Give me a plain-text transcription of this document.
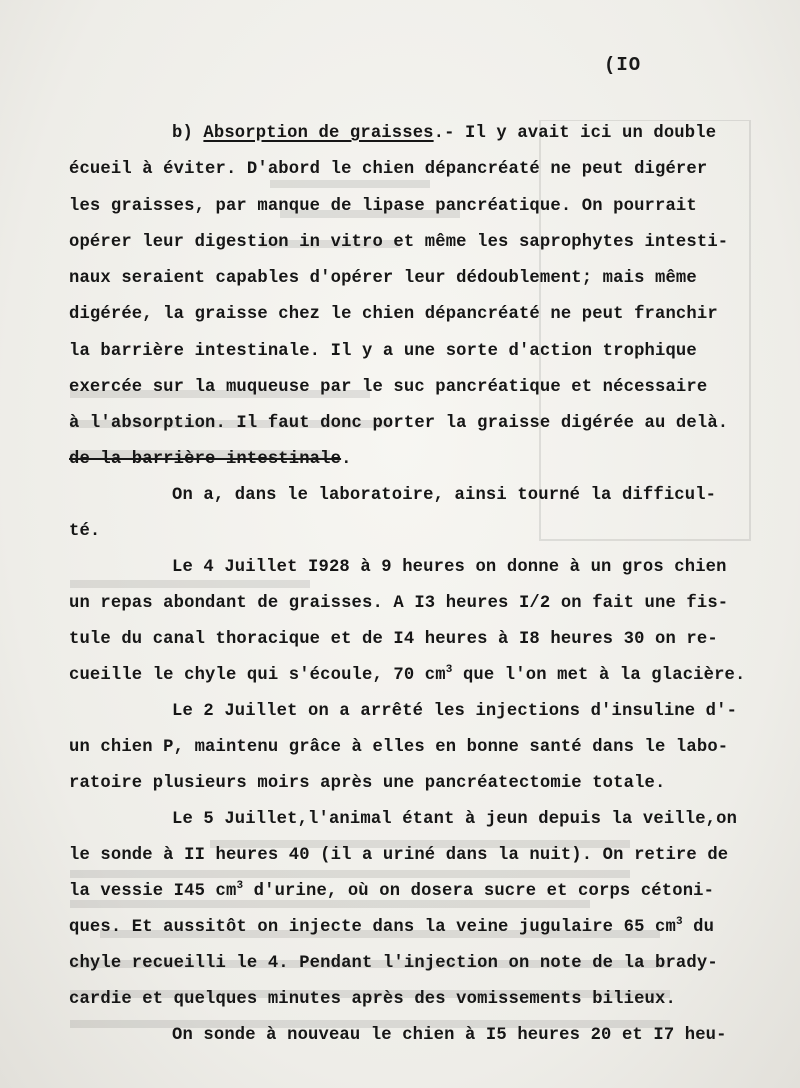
(IO
b) Absorption de graisses.- Il y avait ici un double
écueil à éviter. D'abord le chien dépancréaté ne peut digérer
les graisses, par manque de lipase pancréatique. On pourrait
opérer leur digestion in vitro et même les saprophytes intesti-
naux seraient capables d'opérer leur dédoublement; mais même
digérée, la graisse chez le chien dépancréaté ne peut franchir
la barrière intestinale. Il y a une sorte d'action trophique
exercée sur la muqueuse par le suc pancréatique et nécessaire
à l'absorption. Il faut donc porter la graisse digérée au delà.
de la barrière intestinale.
On a, dans le laboratoire, ainsi tourné la difficul-
té.
Le 4 Juillet I928 à 9 heures on donne à un gros chien
un repas abondant de graisses. A I3 heures I/2 on fait une fis-
tule du canal thoracique et de I4 heures à I8 heures 30 on re-
cueille le chyle qui s'écoule, 70 $cm^3$ que l'on met à la glacière.
Le 2 Juillet on a arrêté les injections d'insuline d'-
un chien P, maintenu grâce à elles en bonne santé dans le labo-
ratoire plusieurs moirs après une pancréatectomie totale.
Le 5 Juillet,l'animal étant à jeun depuis la veille,on
le sonde à II heures 40 (il a uriné dans la nuit). On retire de
la vessie I45 $cm^3$ d'urine, où on dosera sucre et corps cétoni-
ques. Et aussitôt on injecte dans la veine jugulaire 65 $cm^3$ du
chyle recueilli le 4. Pendant l'injection on note de la brady-
cardie et quelques minutes après des vomissements bilieux.
On sonde à nouveau le chien à I5 heures 20 et I7 heu-
